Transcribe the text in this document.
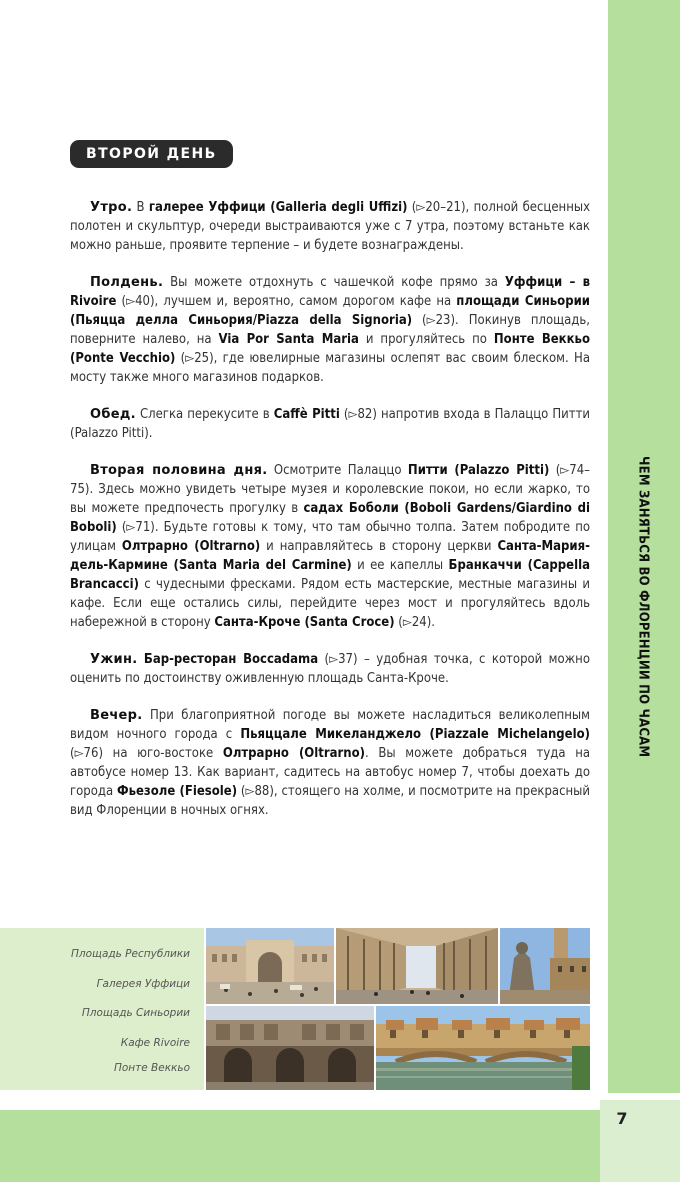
ЧЕМ ЗАНЯТЬСЯ ВО ФЛОРЕНЦИИ ПО ЧАСАМ
7
ВТОРОЙ ДЕНЬ

Утро. В галерее Уффици (Galleria degli Uffizi) (▻20–21), полной бесценных полотен и скульптур, очереди выстраиваются уже с 7 утра, поэтому встаньте как можно раньше, проявите терпение – и будете вознаграждены.

Полдень. Вы можете отдохнуть с чашечкой кофе прямо за Уффици – в Rivoire (▻40), лучшем и, вероятно, самом дорогом кафе на площади Синьории (Пьяцца делла Синьория/Piazza della Signoria) (▻23). Покинув площадь, поверните налево, на Via Por Santa Maria и прогуляйтесь по Понте Веккьо (Ponte Vecchio) (▻25), где ювелирные магазины ослепят вас своим блеском. На мосту также много магазинов подарков.

Обед. Слегка перекусите в Caffè Pitti (▻82) напротив входа в Палаццо Питти (Palazzo Pitti).

Вторая половина дня. Осмотрите Палаццо Питти (Palazzo Pitti) (▻74–75). Здесь можно увидеть четыре музея и королевские покои, но если жарко, то вы можете предпочесть прогулку в садах Боболи (Boboli Gardens/Giardino di Boboli) (▻71). Будьте готовы к тому, что там обычно толпа. Затем побродите по улицам Олтрарно (Oltrarno) и направляйтесь в сторону церкви Санта-Мария-дель-Кармине (Santa Maria del Carmine) и ее капеллы Бранкаччи (Cappella Brancacci) с чудесными фресками. Рядом есть мастерские, местные магазины и кафе. Если еще остались силы, перейдите через мост и прогуляйтесь вдоль набережной в сторону Санта-Кроче (Santa Croce) (▻24).

Ужин. Бар-ресторан Boccadama (▻37) – удобная точка, с которой можно оценить по достоинству оживленную площадь Санта-Кроче.

Вечер. При благоприятной погоде вы можете насладиться великолепным видом ночного города с Пьяццале Микеланджело (Piazzale Michelangelo) (▻76) на юго-востоке Олтрарно (Oltrarno). Вы можете добраться туда на автобусе номер 13. Как вариант, садитесь на автобус номер 7, чтобы доехать до города Фьезоле (Fiesole) (▻88), стоящего на холме, и посмотрите на прекрасный вид Флоренции в ночных огнях.

Площадь Республики
Галерея Уффици
Площадь Синьории
Кафе Rivoire
Понте Веккьо
